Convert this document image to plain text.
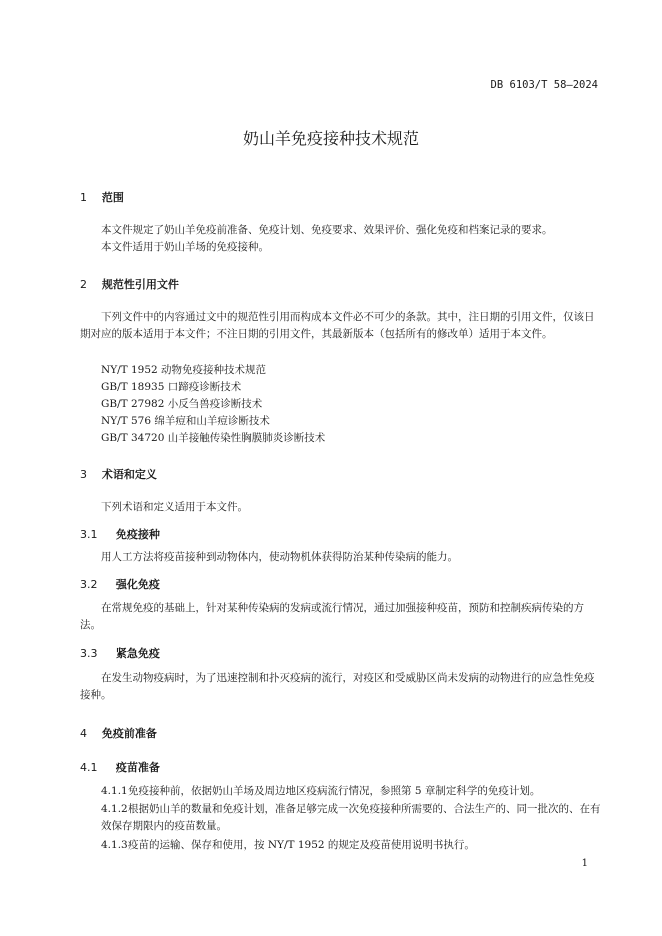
DB 6103/T 58—2024
奶山羊免疫接种技术规范
1 范围
本文件规定了奶山羊免疫前准备、免疫计划、免疫要求、效果评价、强化免疫和档案记录的要求。
本文件适用于奶山羊场的免疫接种。
2 规范性引用文件
下列文件中的内容通过文中的规范性引用而构成本文件必不可少的条款。其中，注日期的引用文件，仅该日期对应的版本适用于本文件；不注日期的引用文件，其最新版本（包括所有的修改单）适用于本文件。
NY/T 1952 动物免疫接种技术规范
GB/T 18935 口蹄疫诊断技术
GB/T 27982 小反刍兽疫诊断技术
NY/T 576 绵羊痘和山羊痘诊断技术
GB/T 34720 山羊接触传染性胸膜肺炎诊断技术
3 术语和定义
下列术语和定义适用于本文件。
3.1 免疫接种
用人工方法将疫苗接种到动物体内，使动物机体获得防治某种传染病的能力。
3.2 强化免疫
在常规免疫的基础上，针对某种传染病的发病或流行情况，通过加强接种疫苗，预防和控制疾病传染的方法。
3.3 紧急免疫
在发生动物疫病时，为了迅速控制和扑灭疫病的流行，对疫区和受威胁区尚未发病的动物进行的应急性免疫接种。
4 免疫前准备
4.1 疫苗准备
4.1.1免疫接种前，依据奶山羊场及周边地区疫病流行情况，参照第 5 章制定科学的免疫计划。
4.1.2根据奶山羊的数量和免疫计划，准备足够完成一次免疫接种所需要的、合法生产的、同一批次的、在有效保存期限内的疫苗数量。
4.1.3疫苗的运输、保存和使用，按 NY/T 1952 的规定及疫苗使用说明书执行。
1
